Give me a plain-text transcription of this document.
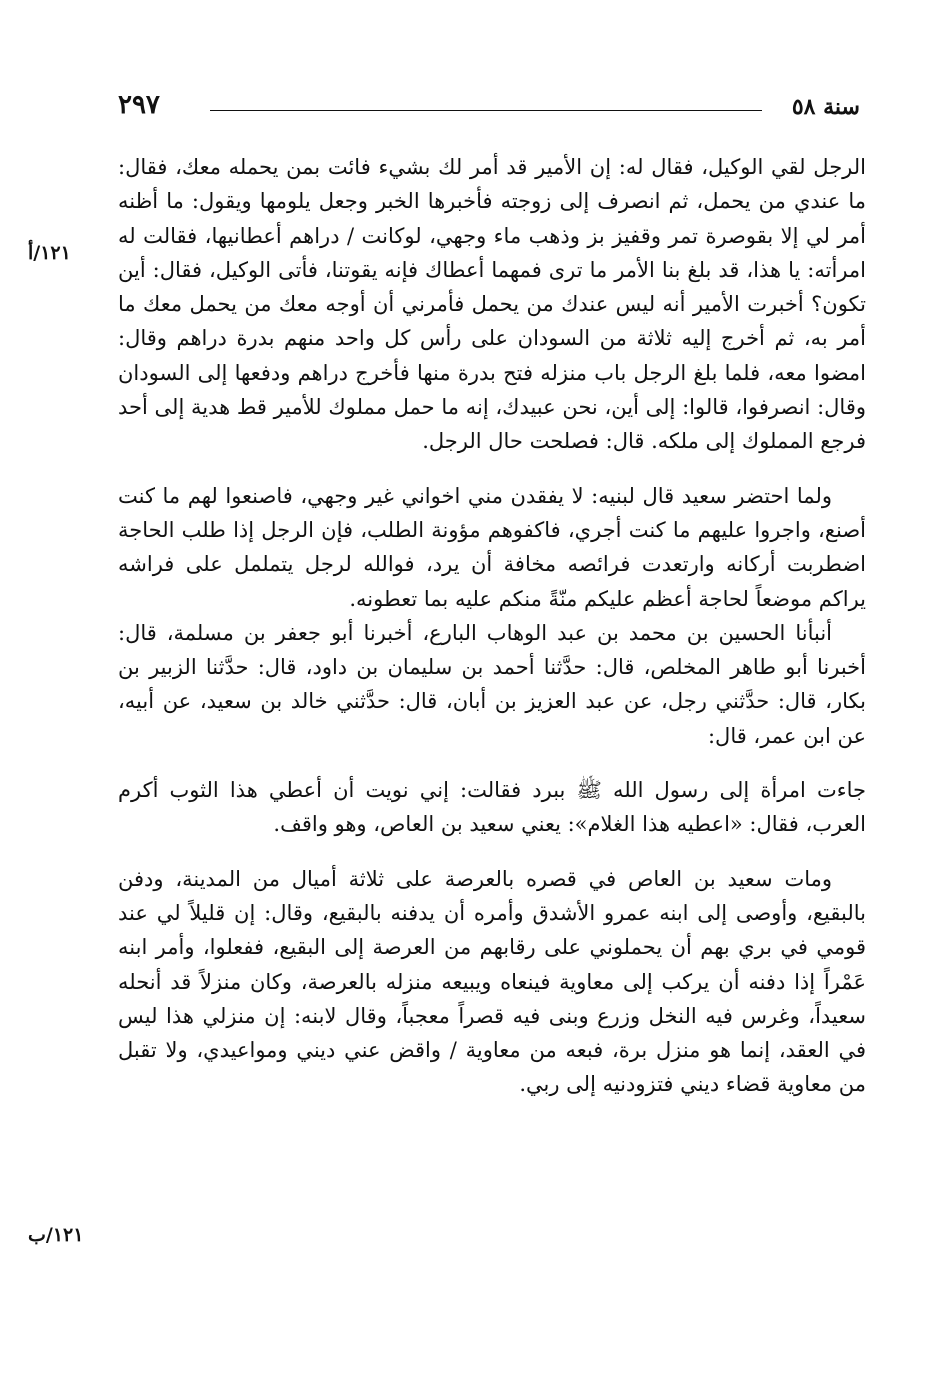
سنة ٥٨
٢٩٧
١٢١/أ
١٢١/ب

الرجل لقي الوكيل، فقال له: إن الأمير قد أمر لك بشيء فائت بمن يحمله معك، فقال: ما عندي من يحمل، ثم انصرف إلى زوجته فأخبرها الخبر وجعل يلومها ويقول: ما أظنه أمر لي إلا بقوصرة تمر وقفيز بز وذهب ماء وجهي، لوكانت / دراهم أعطانيها، فقالت له امرأته: يا هذا، قد بلغ بنا الأمر ما ترى فمهما أعطاك فإنه يقوتنا، فأتى الوكيل، فقال: أين تكون؟ أخبرت الأمير أنه ليس عندك من يحمل فأمرني أن أوجه معك من يحمل معك ما أمر به، ثم أخرج إليه ثلاثة من السودان على رأس كل واحد منهم بدرة دراهم وقال: امضوا معه، فلما بلغ الرجل باب منزله فتح بدرة منها فأخرج دراهم ودفعها إلى السودان وقال: انصرفوا، قالوا: إلى أين، نحن عبيدك، إنه ما حمل مملوك للأمير قط هدية إلى أحد فرجع المملوك إلى ملكه. قال: فصلحت حال الرجل.

ولما احتضر سعيد قال لبنيه: لا يفقدن مني اخواني غير وجهي، فاصنعوا لهم ما كنت أصنع، واجروا عليهم ما كنت أجري، فاكفوهم مؤونة الطلب، فإن الرجل إذا طلب الحاجة اضطربت أركانه وارتعدت فرائصه مخافة أن يرد، فوالله لرجل يتململ على فراشه يراكم موضعاً لحاجة أعظم عليكم منّةً منكم عليه بما تعطونه.

أنبأنا الحسين بن محمد بن عبد الوهاب البارع، أخبرنا أبو جعفر بن مسلمة، قال: أخبرنا أبو طاهر المخلص، قال: حدَّثنا أحمد بن سليمان بن داود، قال: حدَّثنا الزبير بن بكار، قال: حدَّثني رجل، عن عبد العزيز بن أبان، قال: حدَّثني خالد بن سعيد، عن أبيه، عن ابن عمر، قال:

جاءت امرأة إلى رسول الله ﷺ ببرد فقالت: إني نويت أن أعطي هذا الثوب أكرم العرب، فقال: «اعطيه هذا الغلام»: يعني سعيد بن العاص، وهو واقف.

ومات سعيد بن العاص في قصره بالعرصة على ثلاثة أميال من المدينة، ودفن بالبقيع، وأوصى إلى ابنه عمرو الأشدق وأمره أن يدفنه بالبقيع، وقال: إن قليلاً لي عند قومي في بري بهم أن يحملوني على رقابهم من العرصة إلى البقيع، ففعلوا، وأمر ابنه عَمْراً إذا دفنه أن يركب إلى معاوية فينعاه ويبيعه منزله بالعرصة، وكان منزلاً قد أنحله سعيداً، وغرس فيه النخل وزرع وبنى فيه قصراً معجباً، وقال لابنه: إن منزلي هذا ليس في العقد، إنما هو منزل برة، فبعه من معاوية / واقض عني ديني ومواعيدي، ولا تقبل من معاوية قضاء ديني فتزودنيه إلى ربي.
